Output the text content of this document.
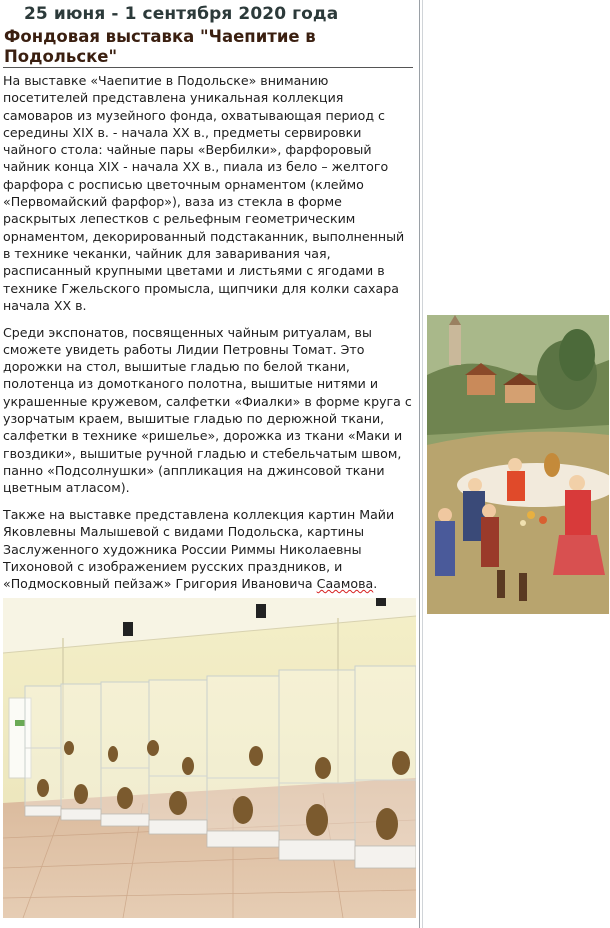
25 июня - 1 сентября 2020 года
Фондовая выставка "Чаепитие в Подольске"

На выставке «Чаепитие в Подольске» вниманию посетителей представлена уникальная коллекция самоваров из музейного фонда, охватывающая период с середины XIX в. - начала XX в., предметы сервировки чайного стола: чайные пары «Вербилки», фарфоровый чайник конца XIX - начала XX в., пиала из бело – желтого фарфора с росписью цветочным орнаментом (клеймо «Первомайский фарфор»), ваза из стекла в форме раскрытых лепестков с рельефным геометрическим орнаментом, декорированный подстаканник, выполненный в технике чеканки, чайник для заваривания чая, расписанный крупными цветами и листьями с ягодами в технике Гжельского промысла, щипчики для колки сахара начала XX в.

Среди экспонатов, посвященных чайным ритуалам, вы сможете увидеть работы Лидии Петровны Томат. Это дорожки на стол, вышитые гладью по белой ткани, полотенца из домотканого полотна, вышитые нитями и украшенные кружевом, салфетки «Фиалки» в форме круга с узорчатым краем, вышитые гладью по дерюжной ткани, салфетки в технике «ришелье», дорожка из ткани «Маки и гвоздики», вышитые ручной гладью и стебельчатым швом, панно «Подсолнушки» (аппликация на джинсовой ткани цветным атласом).

Также на выставке представлена коллекция картин Майи Яковлевны Малышевой с видами Подольска, картины Заслуженного художника России Риммы Николаевны Тихоновой с изображением русских праздников, и «Подмосковный пейзаж» Григория Ивановича Саамова.
